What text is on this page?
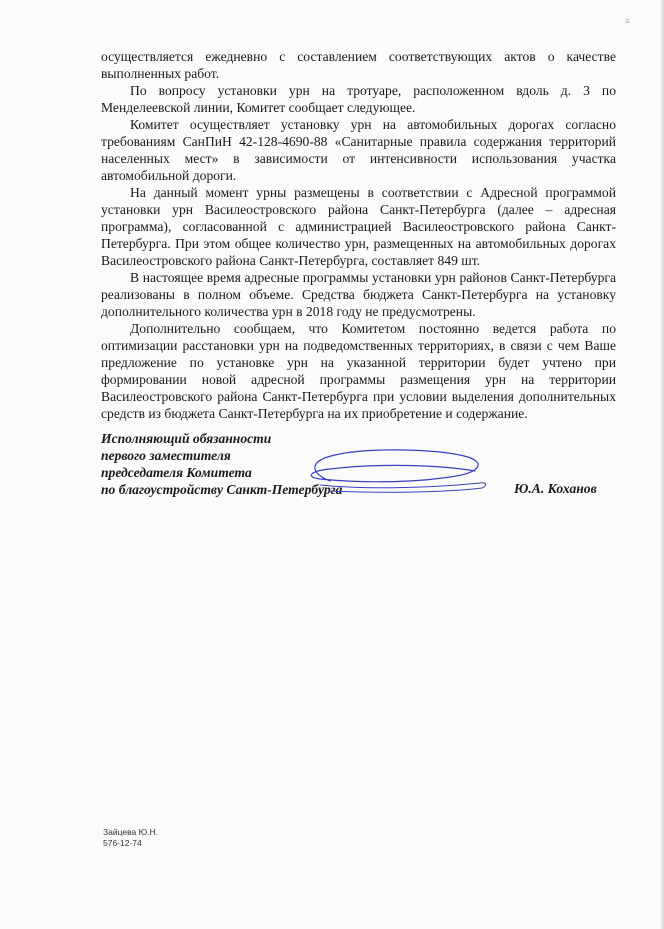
≡

осуществляется ежедневно с составлением соответствующих актов о качестве выполненных работ.

По вопросу установки урн на тротуаре, расположенном вдоль д. 3 по Менделеевской линии, Комитет сообщает следующее.

Комитет осуществляет установку урн на автомобильных дорогах согласно требованиям СанПиН 42-128-4690-88 «Санитарные правила содержания территорий населенных мест» в зависимости от интенсивности использования участка автомобильной дороги.

На данный момент урны размещены в соответствии с Адресной программой установки урн Василеостровского района Санкт-Петербурга (далее – адресная программа), согласованной с администрацией Василеостровского района Санкт-Петербурга. При этом общее количество урн, размещенных на автомобильных дорогах Василеостровского района Санкт-Петербурга, составляет 849 шт.

В настоящее время адресные программы установки урн районов Санкт-Петербурга реализованы в полном объеме. Средства бюджета Санкт-Петербурга на установку дополнительного количества урн в 2018 году не предусмотрены.

Дополнительно сообщаем, что Комитетом постоянно ведется работа по оптимизации расстановки урн на подведомственных территориях, в связи с чем Ваше предложение по установке урн на указанной территории будет учтено при формировании новой адресной программы размещения урн на территории Василеостровского района Санкт-Петербурга при условии выделения дополнительных средств из бюджета Санкт-Петербурга на их приобретение и содержание.

Исполняющий обязанности
первого заместителя
председателя Комитета
по благоустройству Санкт-Петербурга	Ю.А. Коханов
Зайцева Ю.Н.
576-12-74
